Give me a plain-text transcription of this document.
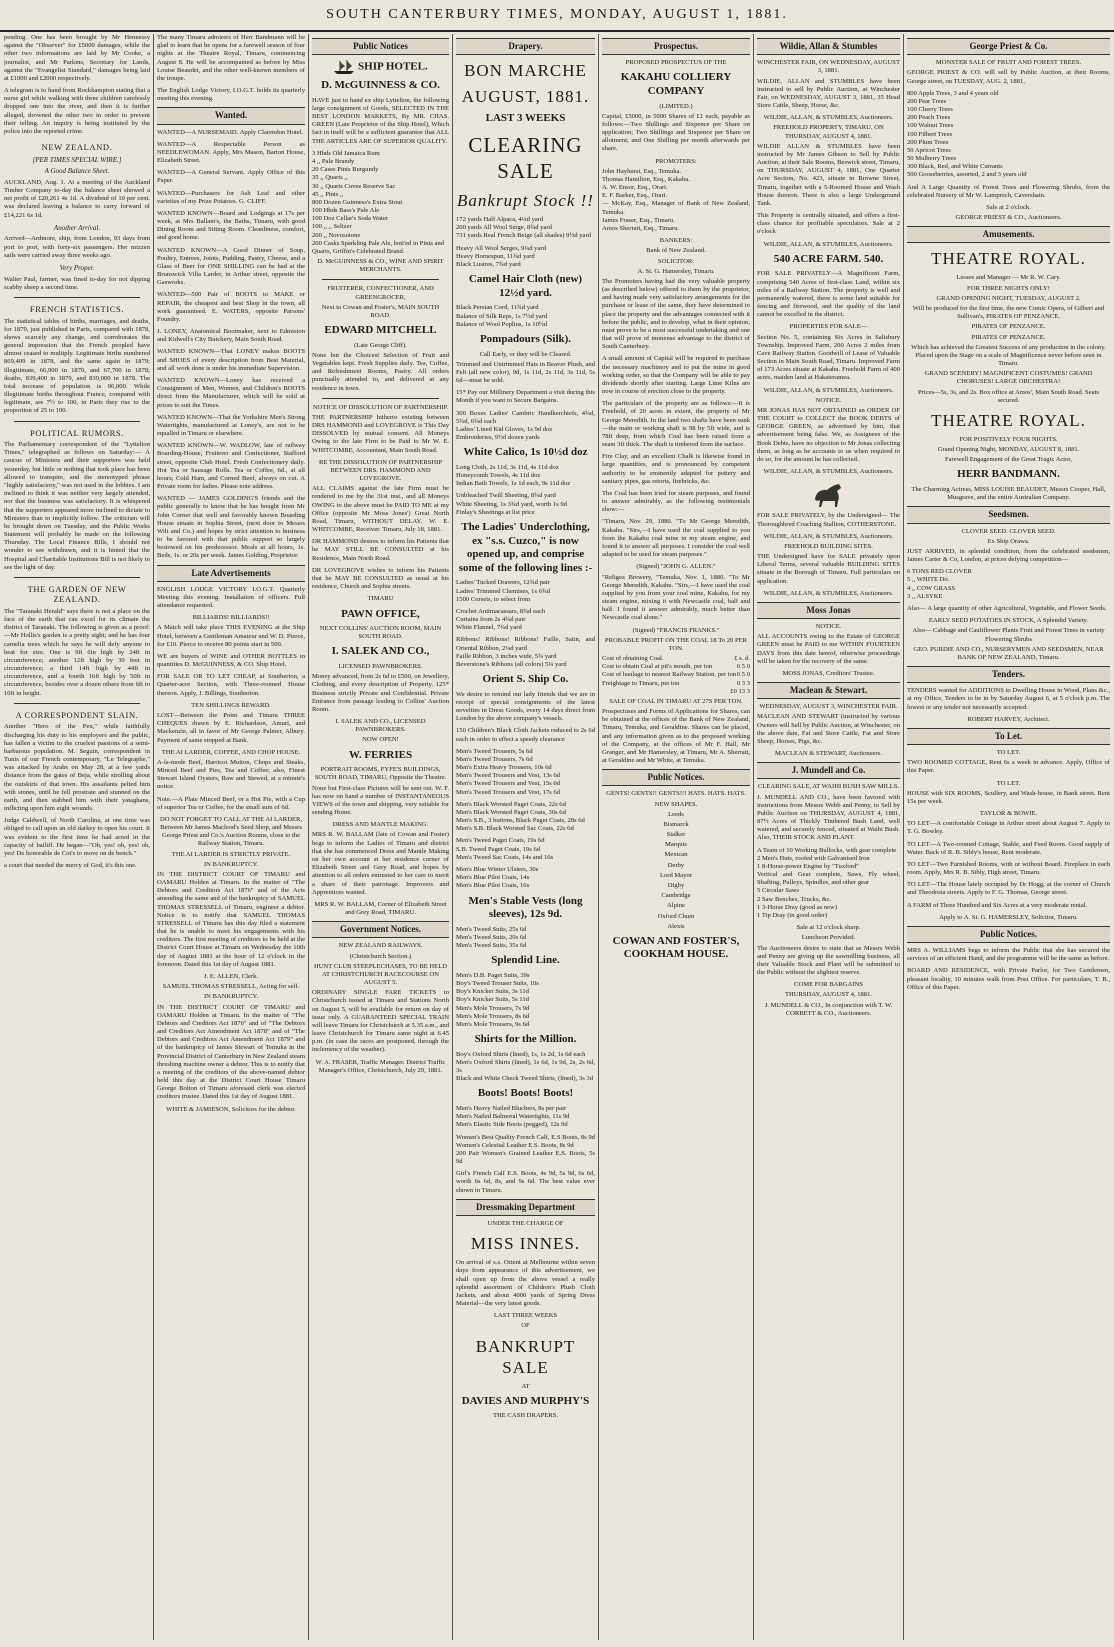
SOUTH CANTERBURY TIMES, MONDAY, AUGUST 1, 1881.

pending. One has been brought by Mr Hennessy against the "Observer" for £5000 damages, while the other two informations are laid by Mr Cooke, a journalist, and Mr Parkins, Secretary for Lands, against the "Evangelist Standard," damages being laid at £1000 and £2000 respectively.

A telegram is to hand from Rockhampton stating that a nurse girl while walking with three children carelessly dropped one into the river, and then it is further alleged, drowned the other two in order to prevent their telling. An inquiry is being instituted by the police into the reported crime.

NEW ZEALAND.
[PER TIMES SPECIAL WIRE.]
A Good Balance Sheet.

AUCKLAND, Aug. 1. At a meeting of the Auckland Timber Company to-day the balance sheet showed a net profit of £20,261 4s 1d. A dividend of 10 per cent. was declared leaving a balance to carry forward of £14,221 6s 1d.

Another Arrival.

Arrived—Ardmore, ship, from London, 93 days from port to port, with forty-six passengers. Her mizzen sails were carried away three weeks ago.

Very Proper.

Walter Paul, farmer, was fined to-day for not dipping scabby sheep a second time.

FRENCH STATISTICS.

The statistical tables of births, marriages, and deaths, for 1879, just published in Paris, compared with 1878, shows scarcely any change, and corroborates the general impression that the French peopled have almost ceased to multiply. Legitimate births numbered 869,409 in 1878, and the same again in 1879; illegitimate, 66,900 in 1870, and 67,700 in 1878; deaths, 839,400 in 1879, and 839,000 in 1878. The total increase of population is 96,000. While illegitimate births throughout France, compared with legitimate, are 7½ to 100, in Paris they rise to the proportion of 25 to 100.

POLITICAL RUMORS.

The Parliamentary correspondent of the "Lyttelton Times," telegraphed as follows on Saturday:— A caucus of Ministers and their supporters was held yesterday, but little or nothing that took place has been allowed to transpire, and the stereotyped phrase "highly satisfactory," was not used in the lobbies. I am inclined to think it was neither very largely attended, nor that the business was satisfactory. It is whispered that the supporters appeared more inclined to dictate to Ministers than to implicitly follow. The criticism will be brought down on Tuesday, and the Public Works Statement will probably be made on the following Thursday. The Local Finance Bills, I should not wonder to see withdrawn, and it is hinted that the Hospital and Charitable Institutions Bill is not likely to see the light of day.

THE GARDEN OF NEW ZEALAND.

The "Taranaki Herald" says there is not a place on the face of the earth that can excel for its climate the district of Taranaki. The following is given as a proof:—Mr Hollis's garden is a pretty sight; and he has four camelia trees which he says he will defy anyone to beat for size. One is 9ft 6in high by 24ft in circumference; another 12ft high by 30 feet in circumference; a third 14ft high by 44ft in circumference, and a fourth 16ft high by 50ft in circumference, besides over a dozen others from 6ft to 10ft in height.

A CORRESPONDENT SLAIN.

Another "Hero of the Pen," while faithfully discharging his duty to his employers and the public, has fallen a victim to the cruelest passions of a semi-barbarous population. M. Seguin, correspondent in Tunis of our French contemporary, "Le Telegraphe," was attacked by Arabs on May 28, at a few yards distance from the gates of Beja, while strolling about the outskirts of that town. His assailants pelted him with stones, until he fell prostrate and stunned on the earth, and then stabbed him with their yataghans, inflicting upon him eight wounds.

Judge Caldwell, of North Carolina, at one time was obliged to call upon an old darkey to open his court. It was evident to the first time he had acted in the capacity of bailiff. He began—"Oh, yes! oh, yes! oh, yes! De honorable de Cot's to move on de bench."

a court that needed the mercy of God, it's this one.

The many Timaru admirers of Herr Bandmann will be glad to learn that he opens for a farewell season of four nights at the Theatre Royal, Timaru, commencing August 8. He will be accompanied as before by Miss Louise Beaudet, and the other well-known members of the troupe.

The English Lodge Victory, I.O.G.T. holds its quarterly meeting this evening.

Wanted.

WANTED—A NURSEMAID. Apply Clarendon Hotel.

WANTED—A Respectable Person as NEEDLEWOMAN. Apply, Mrs Mason, Barton House, Elizabeth Street.

WANTED—A General Servant. Apply Office of this Paper.

WANTED—Purchasers for Ash Leaf and other varieties of my Prize Potatoes. G. CLIFF.

WANTED KNOWN—Board and Lodgings at 17s per week, at Mrs Ballam's, the Baths, Timaru, with good Dining Room and Sitting Room. Cleanliness, comfort, and good home.

WANTED KNOWN—A Good Dinner of Soup, Poultry, Entrees, Joints, Pudding, Pastry, Cheese, and a Glass of Beer for ONE SHILLING can be had at the Brunswick Villa Larder, in Arthur street, opposite the Gasworks.

WANTED—500 Pair of BOOTS to MAKE or REPAIR, the cheapest and best Shop in the town, all work guaranteed. E. WATERS, opposite Parsons' Foundry.

J. LONEY, Anatomical Bootmaker, next to Edmiston and Kidwell's City Butchery, Main South Road.

WANTED KNOWN—That LONEY makes BOOTS and SHOES of every description from Best Material, and all work done is under his immediate Supervision.

WANTED KNOWN—Loney has received a Consignment of Men, Women, and Children's BOOTS direct from the Manufacturer, which will be sold at prices to suit the Times.

WANTED KNOWN—That the Yorkshire Men's Strong Watertights, manufactured at Loney's, are not to be equalled in Timaru or elsewhere.

WANTED KNOWN—W. WADLOW, late of railway Boarding-House, Fruiterer and Confectioner, Stafford street, opposite Club Hotel. Fresh Confectionery daily. Hot Tea or Sausage Rolls. Tea or Coffee, 6d., at all hours; Cold Ham, and Corned Beef, always on cut. A Private room for ladies. Please note address.

WANTED — JAMES GOLDING'S friends and the public generally to know that he has bought from Mr John Corner that well and favorably known Boarding House situate in Sophia Street, (next door to Messrs Wilt and Co.) and hopes by strict attention to business to be favored with that public support so largely bestowed on his predecessor. Meals at all hours, 1s. Beds, 1s. or 20s per week. James Golding, Proprietor.

Late Advertisements

ENGLISH LODGE VICTORY I.O.G.T. Quarterly Meeting this evening. Installation of officers. Full attendance requested.

BILLIARDS! BILLIARDS!!

A Match will take place THIS EVENING at the Ship Hotel, between a Gentleman Amateur and W. D. Pierce, for £10. Pierce to receive 80 points start in 500.

WE are buyers of WINE and OTHER BOTTLES in quantities D. McGUINNESS, & CO. Ship Hotel.

FOR SALE OR TO LET CHEAP, at Southerton, a Quarter-acre Section, with Three-roomed House thereon. Apply, J. Billings, Southerton.

TEN SHILLINGS REWARD.

LOST—Between the Point and Timaru THREE CHEQUES drawn by E. Richardson, Amuri, and Mackenzie, all in favor of Mr George Palmer, Albury. Payment of same stopped at Bank.

THE AI LARDER, COFFEE, AND CHOP HOUSE.

A-la-mode Beef, Harricot Mutton, Chops and Steaks, Minced Beef and Pies, Tea and Coffee; also, Finest Stewart Island Oysters, Raw and Stewed, at a minute's notice.

Note.—A Plate Minced Beef, or a Hot Pie, with a Cup of superior Tea or Coffee, for the small sum of 6d.

DO NOT FORGET TO CALL AT THE AI LARDER, Between Mr James Macleod's Seed Shop, and Messrs George Priest and Co.'s Auction Rooms, close to the Railway Station, Timaru.

THE AI LARDER IS STRICTLY PRIVATE.
IN BANKRUPTCY.

IN THE DISTRICT COURT OF TIMARU and OAMARU Holden at Timaru. In the matter of "The Debtors and Creditors Act 1876" and of the Acts amending the same and of the bankruptcy of SAMUEL THOMAS STRESSELL of Timaru, engineer a debtor. Notice is to notify that SAMUEL THOMAS STRESSELL of Timaru has this day filed a statement that he is unable to meet his engagements with his creditors. The first meeting of creditors to be held at the District Court House at Timaru on Wednesday the 10th day of August 1881 at the hour of 12 o'clock in the forenoon. Dated this 1st day of August 1881.

J. E. ALLEN, Clerk.
SAMUEL THOMAS STRESSELL, Acting for self.
IN BANKRUPTCY.

IN THE DISTRICT COURT OF TIMARU and OAMARU Holden at Timaru. In the matter of "The Debtors and Creditors Act 1876" and of "The Debtors and Creditors Act Amendment Act 1878" and of "The Debtors and Creditors Act Amendment Act 1879" and of the bankruptcy of James Stewart of Temuka in the Provincial District of Canterbury in New Zealand steam threshing machine owner a debtor. This is to notify that a meeting of the creditors of the above-named debtor held this day at the District Court House Timaru George Bolton of Timaru aforesaid clerk was elected creditors trustee. Dated this 1st day of August 1881.

WHITE & JAMIESON, Solicitors for the debtor.
Public Notices
SHIP HOTEL.
D. McGUINNESS & CO.

HAVE just to hand ex ship Lyttelton, the following large consignment of Goods, SELECTED IN THE BEST LONDON MARKETS, By MR. CHAS. GREEN (Late Proprietor of the Ship Hotel), Which fact in itself will be a sufficient guarantee that ALL THE ARTICLES ARE OF SUPERIOR QUALITY.

3 Hhds Old Jamaica Rum
4 ,, Pale Brandy
20 Cases Pints Burgundy
35 ,, Quarts ,,
30 ,, Quarts Cuvee Reserve Sac
45 ,, Pints ,,
800 Dozen Guinness's Extra Stout
100 Hhds Bass's Pale Ale
100 Doz Cellar's Soda Water
100 ,, ,, Seltzer
200 ,, Novosotone
200 Casks Sparkling Pale Ale, bott'ed in Pints and Quarts, Griffin's Celebrated Brand.
D. McGUINNESS & CO., WINE AND SPIRIT MERCHANTS.
FRUITERER, CONFECTIONER, AND GREENGROCER,
Next to Cowan and Foster's, MAIN SOUTH ROAD.
EDWARD MITCHELL
(Late George Cliff).

None but the Choicest Selection of Fruit and Vegetables kept. Fresh Supplies daily. Tea, Coffee, and Refreshment Rooms, Pastry. All orders punctually attended to, and delivered at any residence in town.

NOTICE OF DISSOLUTION OF PARTNERSHIP.

THE PARTNERSHIP hitherto existing between DRS HAMMOND and LOVEGROVE is This Day DISSOLVED by mutual consent. All Moneys Owing to the late Firm to be Paid to Mr W. E. WHITCOMBE, Accountant, Main South Road.

RE THE DISSOLUTION OF PARTNERSHIP BETWEEN DRS. HAMMOND AND LOVEGROVE.

ALL CLAIMS against the late Firm must be rendered to me by the 31st inst., and all Moneys OWING to the above must be PAID TO ME at my Office (opposite Mr Moss Jones') Great North Road, Timaru, WITHOUT DELAY. W. E. WHITCOMBE, Receiver. Timaru, July 18, 1881.

DR HAMMOND desires to inform his Patients that he MAY STILL BE CONSULTED at his Residence, Main North Road.

DR LOVEGROVE wishes to inform his Patients that he MAY BE CONSULTED as usual at his residence, Church and Sophia streets.

TIMARU
PAWN OFFICE,
NEXT COLLINS' AUCTION ROOM, MAIN SOUTH ROAD.
I. SALEK AND CO.,
LICENSED PAWNBROKERS.

Money advanced, from 2s 6d to £500, on Jewellery, Clothing, and every description of Property. 125* Business strictly Private and Confidential. Private Entrance from passage leading to Collins' Auction Room.

I. SALEK AND CO., LICENSED PAWNBROKERS.
NOW OPEN!
W. FERRIES
PORTRAIT ROOMS, FYFE'S BUILDINGS, SOUTH ROAD, TIMARU, Opposite the Theatre.

None but First-class Pictures will be sent out. W. F. has now on hand a number of INSTANTANEOUS VIEWS of the town and shipping, very suitable for sending Home.

DRESS AND MANTLE MAKING.

MRS R. W. BALLAM (late of Cowan and Foster) begs to inform the Ladies of Timaru and district that she has commenced Dress and Mantle Making on her own account at her residence corner of Elizabeth Street and Grey Road, and hopes by attention to all orders entrusted to her care to merit a share of their patronage. Improvers and Apprentices wanted.

MRS R. W. BALLAM, Corner of Elizabeth Street and Grey Road, TIMARU.
Government Notices.
NEW ZEALAND RAILWAYS.
(Christchurch Section.)
HUNT CLUB STEEPLECHASES, TO BE HELD AT CHRISTCHURCH RACECOURSE ON AUGUST 5.

ORDINARY SINGLE FARE TICKETS to Christchurch issued at Timaru and Stations North on August 5, will be available for return on day of issue only. A GUARANTEED SPECIAL TRAIN will leave Timaru for Christchurch at 5.35 a.m., and leave Christchurch for Timaru same night at 6.45 p.m. (in case the races are postponed, through the inclemency of the weather).

W. A. FRASER, Traffic Manager. District Traffic Manager's Office, Christchurch, July 29, 1881.
Drapery.
BON MARCHE
AUGUST, 1881.
LAST 3 WEEKS
CLEARING SALE
Bankrupt Stock !!

172 yards Half Alpaca, 4¼d yard
200 yards All Wool Serge, 8¾d yard
731 yards Real French Beige (all shades) 9½d yard

Heavy All Wool Serges, 9¼d yard
Heavy Homespun, 11¾d yard
Black Lustres, 7¾d yard

Camel Hair Cloth (new) 12½d yard.

Black Persian Cord, 11¾d yard
Balance of Silk Reps, 1s 7½d yard
Balance of Wool Poplins, 1s 10½d

Pompadours (Silk).
Call Early, or they will be Cleared.

Trimmed and Untrimmed Hats in Beaver Plush, and Felt (all new color), 9d, 1s 11d, 2s 11d, 3s 11d, 5s 6d—must be sold.

15* Pay our Millinery Department a visit during this Month if you want to Secure Bargains.

300 Boxes Ladies' Cambric Handkerchiefs, 4¾d, 5¾d, 6¾d each
Ladies' Lined Kid Gloves, 1s 9d doz
Embroideries, 9½d dozen yards

White Calico, 1s 10½d doz

Long Cloth, 2s 11d, 3s 11d, 4s 11d doz
Honeycomb Towels, 4s 11d doz
Indian Bath Towels, 1s 1d each, 9s 11d doz

Unbleached Twill Sheeting, 8¾d yard
White Sheeting, 1s 3¾d yard, worth 1s 9d
Finlay's Sheetings at list price

The Ladies' Underclothing, ex "s.s. Cuzco," is now opened up, and comprise some of the following lines :-

Ladies' Tucked Drawers, 12¾d pair
Ladies' Trimmed Chemises, 1s 6¾d
1500 Corsets, to select from

Crochet Antimacassars, 8¾d each
Curtains from 2s 4¾d pair
White Flannel, 7¾d yard

Ribbons! Ribbons! Ribbons! Faille, Satin, and Oriental Ribbon, 2¼d yard
Faille Ribbon, 3 inches wide, 5¾ yard
Beverstone's Ribbons (all colors) 5¼ yard

Orient S. Ship Co.

We desire to remind our lady friends that we are in receipt of special consignments of the latest novelties in Dress Goods, every 14 days direct from London by the above company's vessels.

150 Children's Black Cloth Jackets reduced to 2s 6d each in order to effect a speedy clearance

Men's Tweed Trousers, 5s 6d
Men's Tweed Trousers, 7s 6d
Men's Extra Heavy Trousers, 10s 6d
Men's Tweed Trousers and Vest, 13s 6d
Men's Tweed Trousers and Vest, 15s 6d
Men's Tweed Trousers and Vest, 17s 6d

Men's Black Worsted Paget Coats, 22s 6d
Men's Black Worsted Paget Coats, 30s 6d
Men's S.B., 3 buttons, Black Paget Coats, 28s 6d
Men's S.B. Black Worsted Sac Coats, 22s 6d

Men's Tweed Paget Coats, 19s 6d
S.B. Tweed Paget Coats, 19s 6d
Men's Tweed Sac Coats, 14s and 16s

Men's Blue Winter Ulsters, 30s
Men's Blue Pilot Coats, 14s
Men's Blue Pilot Coats, 16s

Men's Stable Vests (long sleeves), 12s 9d.

Men's Tweed Suits, 25s 6d
Men's Tweed Suits, 29s 6d
Men's Tweed Suits, 35s 6d

Splendid Line.

Men's D.B. Paget Suits, 39s
Boy's Tweed Trouser Suits, 10s
Boy's Knicker Suits, 3s 11d
Boy's Knicker Suits, 5s 11d
Men's Mole Trousers, 7s 9d
Men's Mole Trousers, 8s 6d
Men's Mole Trousers, 9s 6d

Shirts for the Million.

Boy's Oxford Shirts (lined), 1s, 1s 2d, 1s 6d each
Men's Oxford Shirts (lined), 1s 6d, 1s 9d, 2s, 2s 6d, 3s
Black and White Check Tweed Shirts, (lined), 3s 3d

Boots! Boots! Boots!

Men's Heavy Nailed Bluchers, 8s per pair
Men's Nailed Balmoral Watertights, 11s 9d
Men's Elastic Side Boots (pegged), 12s 9d

Women's Best Quality French Calf, E.S Boots, 8s 9d
Women's Celestial Leather E.S. Boots, 8s 9d
200 Pair Women's Grained Leather E.S. Boots, 5s 9d

Girl's French Calf E.S. Boots, 4s 9d, 5s 9d, 6s 6d, worth 6s 6d, 8s, and 9s 6d. The best value ever shown in Timaru.

Dressmaking Department
UNDER THE CHARGE OF
MISS INNES.

On arrival of s.s. Orient at Melbourne within seven days from appearance of this advertisement, we shall open up from the above vessel a really splendid assortment of Children's Plush Cloth Jackets, and about 4000 yards of Spring Dress Material—the very latest goods.

LAST THREE WEEKS
OF
BANKRUPT SALE
AT
DAVIES AND MURPHY'S
THE CASH DRAPERS.
Prospectus.
PROPOSED PROSPECTUS OF THE
KAKAHU COLLIERY COMPANY
(LIMITED.)

Capital, £5000, in 5000 Shares of £1 each, payable as follows:—Two Shillings and Sixpence per Share on application; Two Shillings and Sixpence per Share on allotment; and One Shilling per month afterwards per share.

PROMOTERS:

John Hayhurst, Esq., Temuka.
Thomas Hamilton, Esq., Kakahu.
A. W. Ensor, Esq., Orari.
E. F. Barker, Esq., Orari.
— McKay, Esq., Manager of Bank of New Zealand, Temuka.
James Fraser, Esq., Timaru.
Amos Sherratt, Esq., Timaru.

BANKERS:
Bank of New Zealand.
SOLICITOR:
A. St. G. Hamersley, Timaru.

The Promoters having had the very valuable property (as described below) offered to them by the proprietor, and having made very satisfactory arrangements for the purchase or lease of the same, they have determined to place the property and the advantages connected with it before the public, and to develop, what in their opinion, must prove to be a most successful undertaking and one that will prove of immense advantage to the district of South Canterbury.

A small amount of Capital will be required to purchase the necessary machinery and to put the mine in good working order, so that the Company will be able to pay dividends shortly after starting. Large Lime Kilns are now in course of erection close to the property.

The particulars of the property are as follows:—It is Freehold, of 20 acres in extent, the property of Mr George Meredith. In the land two shafts have been sunk—the main or working shaft is 98 by 5ft wide, and is 78ft deep, from which Coal has been raised from a seam 3ft thick. The shaft is timbered from the surface.

Fire Clay, and an excellent Chalk is likewise found in large quantities, and is pronounced by competent authority to be eminently adapted for pottery and sanitary pipes, gas retorts, firebricks, &c.

The Coal has been tried for steam purposes, and found to answer admirably, as the following testimonials show:—

"Timaru, Nov. 29, 1880. "To Mr George Meredith, Kakahu. "Sirs,—I have used the coal supplied to you from the Kakahu coal mine in my steam engine, and found it to answer all purposes. I consider the coal well adapted to be used for steam purposes."

(Signed) "JOHN G. ALLEN."

"Religea Brewery, "Temuka, Nov. 1, 1880. "To Mr George Meredith, Kakahu. "Sirs,—I have used the coal supplied by you from your coal mine, Kakahu, for my steam engine, mixing it with Newcastle coal, half and half. I found it answer admirably, much better than Newcastle coal alone."

(Signed) "FRANCIS FRANKS."
PROBABLE PROFIT ON THE COAL 18 To 20 PER TON.
Cost of obtaining Coal.	£ s. d.
Cost to obtain Coal at pit's mouth, per ton	0 5 0
Cost of haulage to nearest Railway Station, per ton 0 5 0
Freightage to Timaru, per ton	0 3 3
£0 13 3
SALE OF COAL IN TIMARU AT 27S PER TON.

Prospectuses and Forms of Applications for Shares, can be obtained at the offices of the Bank of New Zealand, Timaru, Temuka, and Geraldine. Shares can be placed, and any information given as to the proposed working of the Company, at the offices of Mr F. Hall, Mr Granger, and Mr Hamersley, at Timaru, Mr A. Sherratt, at Geraldine and Mr White, at Temuka.

Public Notices.
GENTS! GENTS!! GENTS!!! HATS. HATS. HATS.
NEW SHAPES.
Leeds
Bismarck
Stalker
Marquis
Mexican
Derby
Lord Mayor
Digby
Cambridge
Alpine
Oxford Chum
Alexis
COWAN AND FOSTER'S, COOKHAM HOUSE.
Wildie, Allan & Stumbles
WINCHESTER FAIR, ON WEDNESDAY, AUGUST 3, 1881.

WILDIE, ALLAN and STUMBLES have been instructed to sell by Public Auction, at Winchester Fair, on WEDNESDAY, AUGUST 3, 1881, 35 Head Store Cattle, Sheep, Horse, &c.

WILDIE, ALLAN, & STUMBLES, Auctioneers.
FREEHOLD PROPERTY, TIMARU, ON THURSDAY, AUGUST 4, 1881.

WILDIE ALLAN & STUMBLES have been instructed by Mr James Gibson to Sell by Public Auction, at their Sale Rooms, Beswick street, Timaru, on THURSDAY, AUGUST 4, 1881, One Quarter Acre Section, No. 423, situate in Browne Street, Timaru, together with a 5-Roomed House and Wash House thereon. There is also a large Underground Tank.

This Property is centrally situated, and offers a first-class chance for profitable speculators. Sale at 2 o'clock

WILDIE, ALLAN, & STUMBLES, Auctioneers.
540 ACRE FARM. 540.

FOR SALE PRIVATELY—A Magnificent Farm, comprising 540 Acres of first-class Land, within six miles of a Railway Station. The property is well and permanently watered, there is some land suitable for fencing and firewood, and the quality of the land cannot be excelled in the district.

PROPERTIES FOR SALE—

Section No. 5, containing Six Acres in Salisbury Township. Improved Farm, 200 Acres 2 miles from Cave Railway Station. Goodwill of Lease of Valuable Section in Main South Road, Timaru. Improved Farm of 173 Acres situate at Kakahu. Freehold Farm of 400 acres, maiden land at Hakateramea.

WILDIE, ALLAN, & STUMBLES, Auctioneers.
NOTICE.

MR JONAS HAS NOT OBTAINED an ORDER OF THE COURT to COLLECT the BOOK DEBTS of GEORGE GREEN, as advertised by him, that advertisement being false. We, as Assignees of the Book Debts, have no objection to Mr Jonas collecting them, as long as he accounts to us when required to do so, for the amount he has collected.

WILDIE, ALLAN, & STUMBLES, Auctioneers.

FOR SALE PRIVATELY, by the Undersigned— The Thoroughbred Coaching Stallion, COTHERSTONE.

WILDIE, ALLAN, & STUMBLES, Auctioneers.
FREEHOLD BUILDING SITES.

THE Undersigned have for SALE privately upon Liberal Terms, several valuable BUILDING SITES situate in the Borough of Timaru. Full particulars on application.

WILDIE, ALLAN, & STUMBLES, Auctioneers.
Moss Jonas
NOTICE.

ALL ACCOUNTS owing to the Estate of GEORGE GREEN must be PAID to me WITHIN FOURTEEN DAYS from this date hereof, otherwise proceedings will be taken for the recovery of the same.

MOSS JONAS, Creditors' Trustee.
Maclean & Stewart.
WEDNESDAY, AUGUST 3, WINCHESTER FAIR.

MACLEAN AND STEWART (instructed by various Owners will Sell by Public Auction, at Winchester, on the above date, Fat and Store Cattle, Fat and Store Sheep, Horses, Pigs, &c.

MACLEAN & STEWART, Auctioneers.
J. Mundell and Co.
CLEARING SALE, AT WAIHI BUSH SAW MILLS.

J. MUNDELL AND CO., have been favored with instructions from Messrs Webb and Penny, to Sell by Public Auction on THURSDAY, AUGUST 4, 1881, 87½ Acres of Thickly Timbered Bush Land, well watered, and securely fenced, situated at Waihi Bush. Also, THEIR STOCK AND PLANT.

A Team of 10 Working Bullocks, with gear complete
2 Men's Huts, roofed with Galvanised Iron
1 8-Horse-power Engine by "Tuxford"
Vertical and Gear complete, Saws, Fly wheel, Shafting, Pulleys, Spindles, and other gear
5 Circular Saws
2 Saw Benches, Trucks, &c.
1 3-Horse Dray (good as new)
1 Tip Dray (in good order)

Sale at 12 o'clock sharp.
Luncheon Provided.

The Auctioneers desire to state that as Messrs Webb and Penny are giving up the sawmilling business, all their Valuable Stock and Plant will be submitted to the Public without the slightest reserve.

COME FOR BARGAINS
THURSDAY, AUGUST 4, 1881.
J. MUNDELL & CO., In conjunction with T. W. CORBETT & CO., Auctioneers.
George Priest & Co.
MONSTER SALE OF FRUIT AND FOREST TREES.

GEORGE PRIEST & CO. will sell by Public Auction, at their Rooms, George street, on TUESDAY, AUG. 2, 1881,

800 Apple Trees, 3 and 4 years old
200 Pear Trees
100 Cherry Trees
200 Peach Trees
100 Walnut Trees
100 Filbert Trees
200 Plum Trees
50 Apricot Trees
50 Mulberry Trees
300 Black, Red, and White Currants
500 Gooseberries, assorted, 2 and 3 years old

And A Large Quantity of Forest Trees and Flowering Shrubs, from the celebrated Nursery of Mr W. Lamprech, Cavershain.

Sale at 2 o'clock.
GEORGE PRIEST & CO., Auctioneers.
Amusements.
THEATRE ROYAL.
Lessee and Manager — Mr R. W. Cary.
FOR THREE NIGHTS ONLY!
GRAND OPENING NIGHT, TUESDAY, AUGUST 2.

Will be produced for the first time, the new Comic Opera, of Gilbert and Sullivan's, PIRATES OF PENZANCE.

PIRATES OF PENZANCE.
PIRATES OF PENZANCE.

Which has achieved the Greatest Success of any production in the colony. Placed upon the Stage on a scale of Magnificence never before seen in Timaru.

GRAND SCENERY! MAGNIFICENT COSTUMES! GRAND CHORUSES! LARGE ORCHESTRA!

Prices—5s, 3s, and 2s. Box office at Amos', Main South Road. Seats secured.

THEATRE ROYAL.
FOR POSITIVELY FOUR NIGHTS.
Grand Opening Night, MONDAY, AUGUST 8, 1881.
Farewell Engagement of the Great Tragic Actor,
HERR BANDMANN.

The Charming Actress, MISS LOUISE BEAUDET, Messrs Cooper, Hall, Musgrave, and the entire Australian Company.

Seedsmen.
CLOVER SEED. CLOVER SEED.
Ex Ship Orawa.

JUST ARRIVED, in splendid condition, from the celebrated seedsmen, James Carter & Co, London, at prices defying competition—

6 TONS RED CLOVER
5 ,, WHITE Do.
4 ,, COW GRASS
3 ,, ALSYKE

Also— A large quantity of other Agricultural, Vegetable, and Flower Seeds.

EARLY SEED POTATOES IN STOCK, A Splendid Variety.

Also— Cabbage and Cauliflower Plants Fruit and Forest Trees in variety Flowering Shrubs

GEO. PURDIE AND CO., NURSERYMEN AND SEEDSMEN, NEAR BANK OF NEW ZEALAND, Timaru.
Tenders.

TENDERS wanted for ADDITIONS to Dwelling House in Wood, Plans &c., at my Office, Tenders to be in by Saturday August 6, at 5 o'clock p.m. The lowest or any tender not necessarily accepted.

ROBERT HARVEY, Architect.
To Let.
TO LET.

TWO ROOMED COTTAGE, Rent 6s a week in advance. Apply, Office of this Paper.

TO LET.

HOUSE with SIX ROOMS, Scullery, and Wash-house, in Bank street. Rent 15s per week.

TAYLOR & BOWIE.

TO LET—A comfortable Cottage in Arthur street about August 7. Apply to T. G. Bowley.

TO LET—A Two-roomed Cottage, Stable, and Feed Room. Good supply of Water. Back of R. B. Sibly's house, Rent moderate.

TO LET—Two Furnished Rooms, with or without Board. Fireplace in each room. Apply, Mrs R. B. Sibly, High street, Timaru.

TO LET—The House lately occupied by Dr Hogg, at the corner of Church and Theodosia streets. Apply to F. G. Thomas, George street.

A FARM of Three Hundred and Six Acres at a very moderate rental.

Apply to A. St. G. HAMERSLEY, Solicitor, Timaru.
Public Notices.

MRS A. WILLIAMS begs to inform the Public that she has secured the services of an efficient Hand, and the programme will be the same as before.

BOARD AND RESIDENCE, with Private Parlor, for Two Gentlemen, pleasant locality, 10 minutes walk from Post Office. For particulars, T. B., Office of this Paper.
